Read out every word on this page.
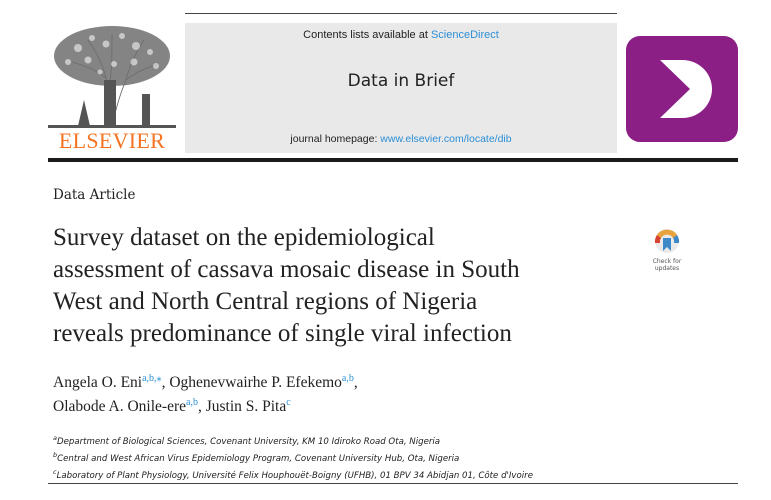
ELSEVIER
Contents lists available at ScienceDirect
Data in Brief
journal homepage: www.elsevier.com/locate/dib
Data Article
Survey dataset on the epidemiological
assessment of cassava mosaic disease in South
West and North Central regions of Nigeria
reveals predominance of single viral infection
Check for
updates
Angela O. Eni$^{a,b,⁎}$, Oghenevwairhe P. Efekemo$^{a,b}$,
Olabode A. Onile-ere$^{a,b}$, Justin S. Pita$^c$
$^a$Department of Biological Sciences, Covenant University, KM 10 Idiroko Road Ota, Nigeria
$^b$Central and West African Virus Epidemiology Program, Covenant University Hub, Ota, Nigeria
$^c$Laboratory of Plant Physiology, Université Felix Houphouët-Boigny (UFHB), 01 BPV 34 Abidjan 01, Côte d'Ivoire
